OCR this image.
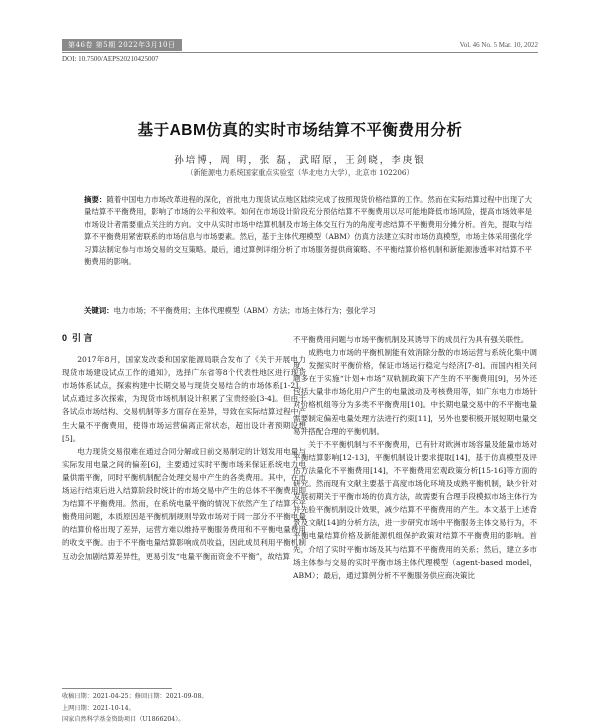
第46卷 第5期 2022年3月10日	Vol. 46 No. 5 Mar. 10, 2022
DOI: 10.7500/AEPS20210425007
基于ABM仿真的实时市场结算不平衡费用分析
孙培博，周 明，张 磊，武昭原，王剑晓，李庚银
（新能源电力系统国家重点实验室（华北电力大学），北京市 102206）
摘要：随着中国电力市场改革进程的深化，首批电力现货试点地区陆续完成了按照现货价格结算的工作。然而在实际结算过程中出现了大量结算不平衡费用，影响了市场的公平和效率。如何在市场设计阶段充分预估结算不平衡费用以尽可能地降低市场风险，提高市场效率是市场设计者需要重点关注的方向。文中从实时市场中结算机制及市场主体交互行为的角度考虑结算不平衡费用分摊分析。首先，提取与结算不平衡费用紧密联系的市场信息与市场要素。然后，基于主体代理模型（ABM）仿真方法建立实时市场仿真模型，市场主体采用强化学习算法制定参与市场交易的交互策略。最后，通过算例详细分析了市场服务提供商策略、不平衡结算价格机制和新能源渗透率对结算不平衡费用的影响。
关键词：电力市场；不平衡费用；主体代理模型（ABM）方法；市场主体行为；强化学习
0 引 言

2017年8月，国家发改委和国家能源局联合发布了《关于开展电力现货市场建设试点工作的通知》，选择广东省等8个代表性地区进行现货市场体系试点，探索构建中长期交易与现货交易结合的市场体系[1-2]。试点通过多次探索，为现货市场机制设计积累了宝贵经验[3-4]。但由于各试点市场结构、交易机制等多方面存在差异，导致在实际结算过程中产生大量不平衡费用，使得市场运营偏离正常状态，超出设计者预期设想[5]。

电力现货交易很难在通过合同分解或日前交易制定的计划发用电量与实际发用电量之间的偏差[6]，主要通过实时平衡市场来保证系统电力电量供需平衡，同时平衡机制配合处理交易中产生的各类费用。其中，在市场运行结束后进入结算阶段时统计的市场交易中产生的总体不平衡费用即为结算不平衡费用。然而，在系统电量平衡的情况下依然产生了结算不平衡费用问题，本质原因是平衡机制规则导致市场对于同一部分不平衡电量的结算价格出现了差异，运营方难以维持平衡服务费用和不平衡电量费用的收支平衡。由于不平衡电量结算影响成员收益，因此成员利用平衡机制互动会加剧结算差异性，更易引发“电量平衡而资金不平衡”，故结算

不平衡费用问题与市场平衡机制及其诱导下的成员行为具有强关联性。

成熟电力市场的平衡机制能有效消除分散的市场运营与系统化集中调度，发掘实时平衡价格，保证市场运行稳定与经济[7-8]。而国内相关问题多在于实施“计划+市场”双轨制政策下产生的不平衡费用[9]，另外还包括大量非市场化用户产生的电量波动及考核费用等，如广东电力市场针对价格机组等分为多类不平衡费用[10]。中长期电量交易中的不平衡电量需要制定偏差电量处理方法进行约束[11]，另外也要积极开展短期电量交易并搭配合理的平衡机制。

关于不平衡机制与不平衡费用，已有针对欧洲市场容量及能量市场对平衡结算影响[12-13]，平衡机制设计要求提取[14]，基于仿真模型及评估方法量化不平衡费用[14]，不平衡费用宏观政策分析[15-16]等方面的研究。然而现有文献主要基于高度市场化环境及成熟平衡机制，缺少针对发展初期关于平衡市场的仿真方法，故需要有合理手段模拟市场主体行为并先验平衡机制设计效果，减少结算不平衡费用的产生。本文基于上述背景及文献[14]的分析方法，进一步研究市场中平衡服务主体交易行为，不平衡电量结算价格及新能源机组保护政策对结算不平衡费用的影响。首先，介绍了实时平衡市场及其与结算不平衡费用的关系；然后，建立多市场主体参与交易的实时平衡市场主体代理模型（agent-based model，ABM）；最后，通过算例分析不平衡服务供应商决策比

收稿日期：2021-04-25；修回日期：2021-09-08。
上网日期：2021-10-14。
国家自然科学基金资助项目（U1866204）。
